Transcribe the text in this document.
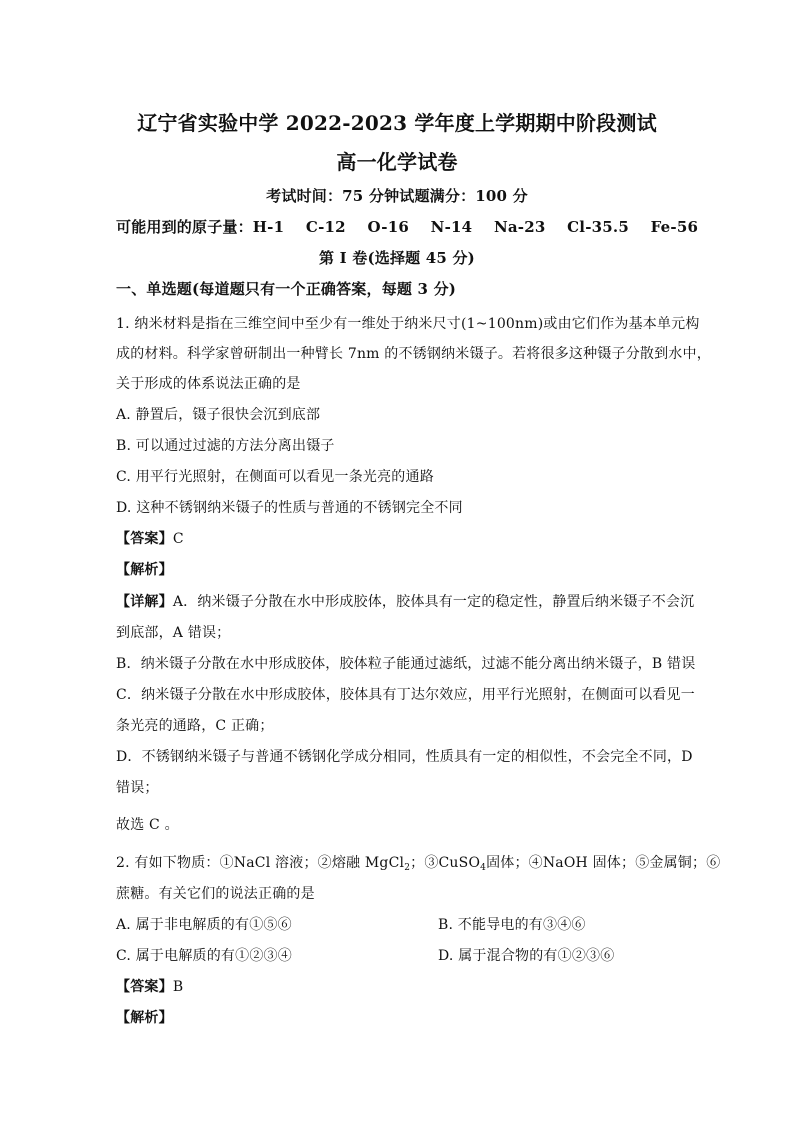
辽宁省实验中学 2022-2023 学年度上学期期中阶段测试
高一化学试卷
考试时间：75 分钟试题满分：100 分
可能用到的原子量：H-1    C-12    O-16    N-14    Na-23    Cl-35.5    Fe-56
第 I 卷(选择题 45 分)
一、单选题(每道题只有一个正确答案，每题 3 分)
1. 纳米材料是指在三维空间中至少有一维处于纳米尺寸(1~100nm)或由它们作为基本单元构
成的材料。科学家曾研制出一种臂长 7nm 的不锈钢纳米镊子。若将很多这种镊子分散到水中，
关于形成的体系说法正确的是
A. 静置后，镊子很快会沉到底部
B. 可以通过过滤的方法分离出镊子
C. 用平行光照射，在侧面可以看见一条光亮的通路
D. 这种不锈钢纳米镊子的性质与普通的不锈钢完全不同
【答案】C
【解析】
【详解】A．纳米镊子分散在水中形成胶体，胶体具有一定的稳定性，静置后纳米镊子不会沉
到底部，A 错误；
B．纳米镊子分散在水中形成胶体，胶体粒子能通过滤纸，过滤不能分离出纳米镊子，B 错误
C．纳米镊子分散在水中形成胶体，胶体具有丁达尔效应，用平行光照射，在侧面可以看见一
条光亮的通路，C 正确；
D．不锈钢纳米镊子与普通不锈钢化学成分相同，性质具有一定的相似性，不会完全不同，D
错误；
故选 C 。
2. 有如下物质：①NaCl 溶液；②熔融 MgCl$_2$；③CuSO$_4$固体；④NaOH 固体；⑤金属铜；⑥
蔗糖。有关它们的说法正确的是
A. 属于非电解质的有①⑤⑥	B. 不能导电的有③④⑥
C. 属于电解质的有①②③④	D. 属于混合物的有①②③⑥
【答案】B
【解析】
